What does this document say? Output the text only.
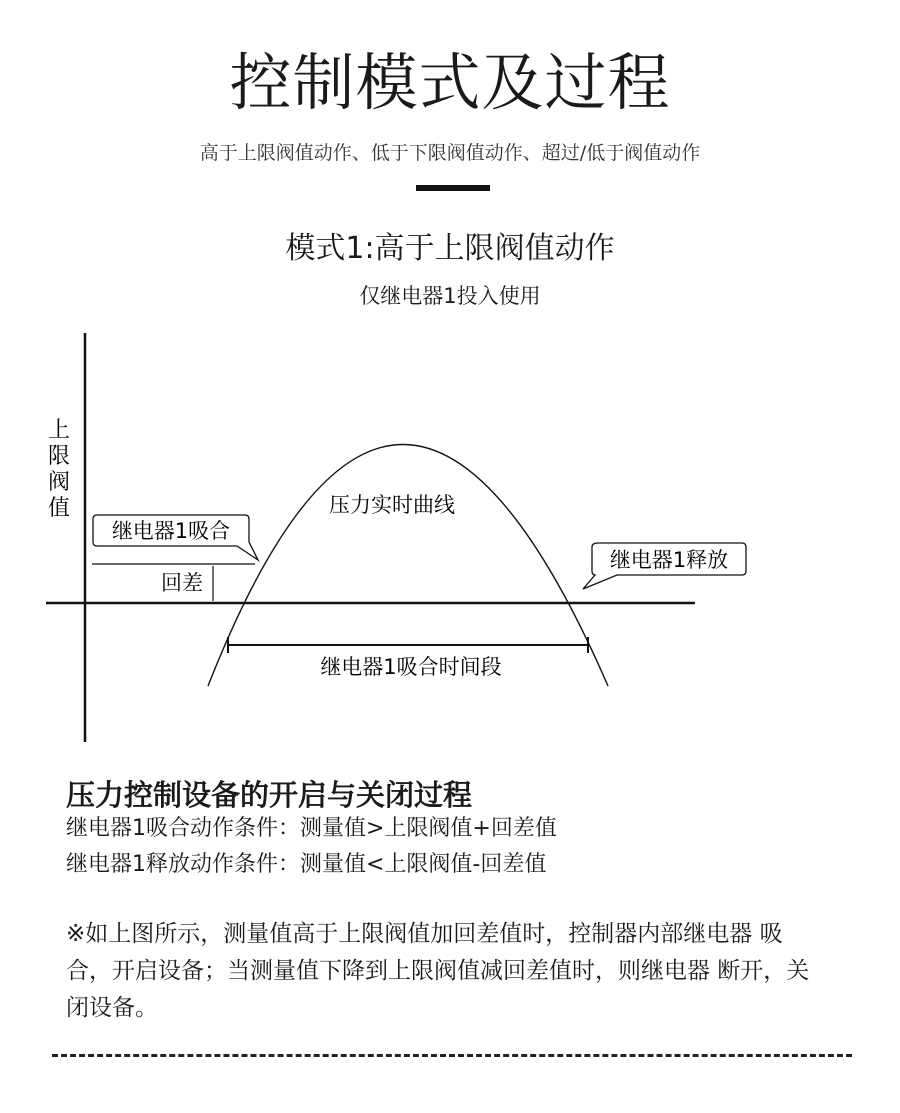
控制模式及过程
高于上限阀值动作、低于下限阀值动作、超过/低于阀值动作
模式1:高于上限阀值动作
仅继电器1投入使用
上
限
阀
值	压力实时曲线
继电器1吸合
继电器1释放
回差
继电器1吸合时间段
压力控制设备的开启与关闭过程
继电器1吸合动作条件：测量值>上限阀值+回差值
继电器1释放动作条件：测量值<上限阀值-回差值
※如上图所示，测量值高于上限阀值加回差值时，控制器内部继电器 吸合，开启设备；当测量值下降到上限阀值减回差值时，则继电器 断开，关闭设备。
